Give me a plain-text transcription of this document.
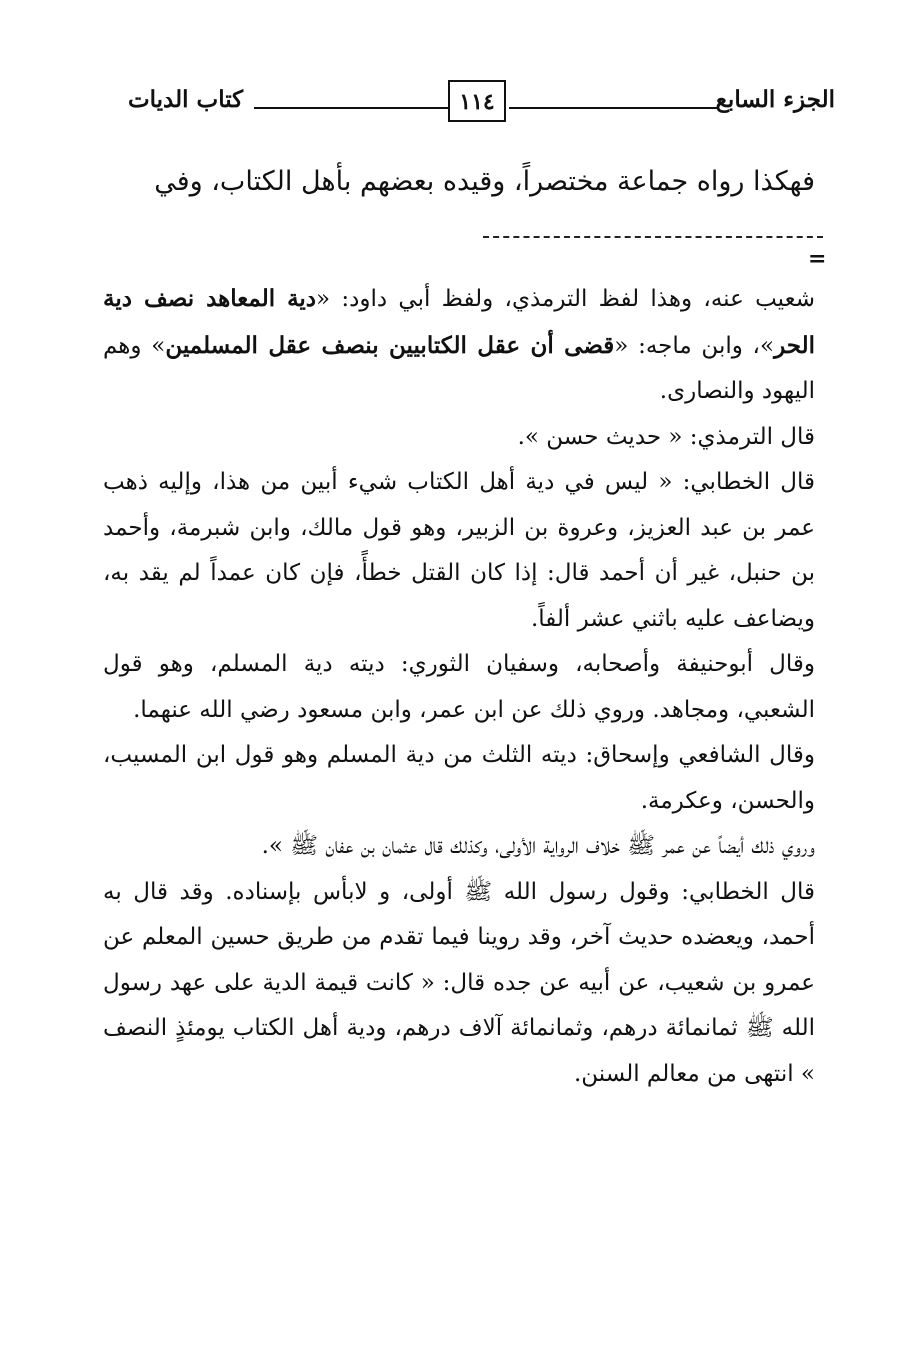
الجزء السابع
١١٤
كتاب الديات
فهكذا رواه جماعة مختصراً، وقيده بعضهم بأهل الكتاب، وفي
=

شعيب عنه، وهذا لفظ الترمذي، ولفظ أبي داود: «دية المعاهد نصف دية الحر»، وابن ماجه: «قضى أن عقل الكتابيين بنصف عقل المسلمين» وهم اليهود والنصارى.

قال الترمذي: « حديث حسن ».

قال الخطابي: « ليس في دية أهل الكتاب شيء أبين من هذا، وإليه ذهب عمر بن عبد العزيز، وعروة بن الزبير، وهو قول مالك، وابن شبرمة، وأحمد بن حنبل، غير أن أحمد قال: إذا كان القتل خطأً، فإن كان عمداً لم يقد به، ويضاعف عليه باثني عشر ألفاً.

وقال أبوحنيفة وأصحابه، وسفيان الثوري: ديته دية المسلم، وهو قول الشعبي، ومجاهد. وروي ذلك عن ابن عمر، وابن مسعود رضي الله عنهما.

وقال الشافعي وإسحاق: ديته الثلث من دية المسلم وهو قول ابن المسيب، والحسن، وعكرمة.

وروي ذلك أيضاً عن عمر ﷺ خلاف الرواية الأولى، وكذلك قال عثمان بن عفان ﷺ ».

قال الخطابي: وقول رسول الله ﷺ أولى، و لابأس بإسناده. وقد قال به أحمد، ويعضده حديث آخر، وقد روينا فيما تقدم من طريق حسين المعلم عن عمرو بن شعيب، عن أبيه عن جده قال: « كانت قيمة الدية على عهد رسول الله ﷺ ثمانمائة درهم، وثمانمائة آلاف درهم، ودية أهل الكتاب يومئذٍ النصف » انتهى من معالم السنن.
